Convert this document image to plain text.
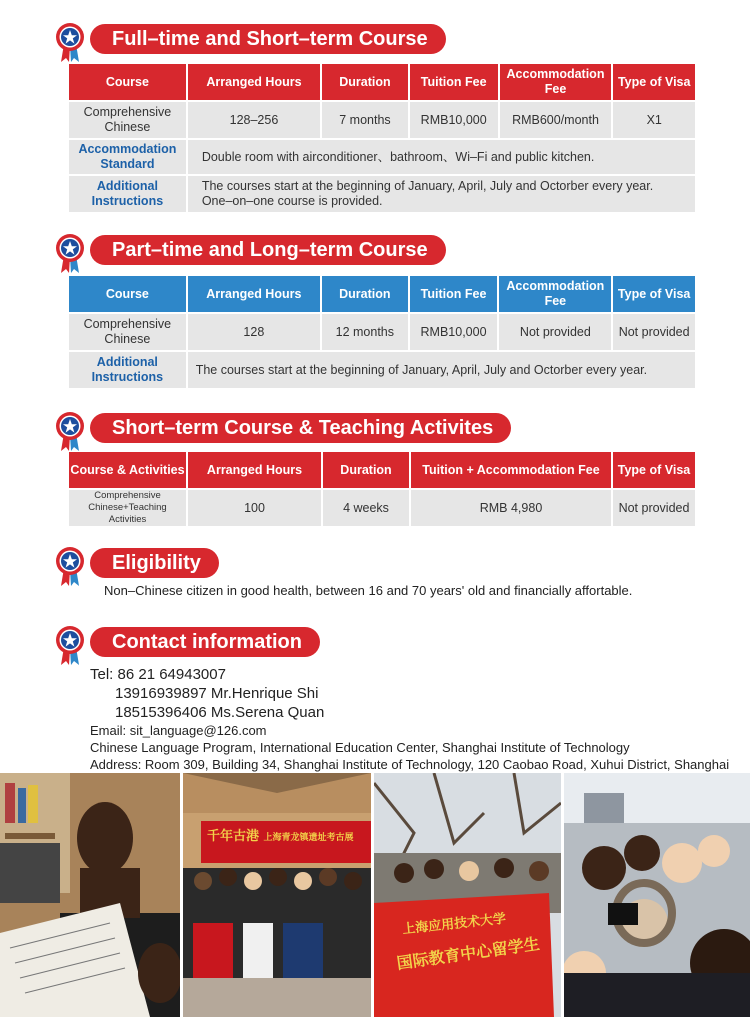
Full–time and Short–term Course
Course	Arranged Hours	Duration	Tuition Fee	Accommodation Fee	Type of Visa
Comprehensive Chinese	128–256	7 months	RMB10,000	RMB600/month	X1
Accommodation Standard	Double room with airconditioner、bathroom、Wi–Fi and public kitchen.				
Additional Instructions	The courses start at the beginning of January, April, July and Octorber every year.
One–on–one course is provided.				
Part–time and Long–term Course
Course	Arranged Hours	Duration	Tuition Fee	Accommodation Fee	Type of Visa
Comprehensive Chinese	128	12 months	RMB10,000	Not provided	Not provided
Additional Instructions	The courses start at the beginning of January, April, July and Octorber every year.				
Short–term Course & Teaching Activites
Course & Activities	Arranged Hours	Duration	Tuition + Accommodation Fee	Type of Visa
Comprehensive Chinese+Teaching Activities	100	4 weeks	RMB 4,980	Not provided
Eligibility
Non–Chinese citizen in good health, between 16 and 70 years' old and financially affortable.
Contact information
Tel: 86 21 64943007
13916939897 Mr.Henrique Shi
18515396406 Ms.Serena Quan
Email: sit_language@126.com
Chinese Language Program, International Education Center, Shanghai Institute of Technology
Address: Room 309, Building 34, Shanghai Institute of Technology, 120 Caobao Road, Xuhui District, Shanghai
千年古港 上海青龙镇遗址考古展
上海应用技术大学
国际教育中心留学生
